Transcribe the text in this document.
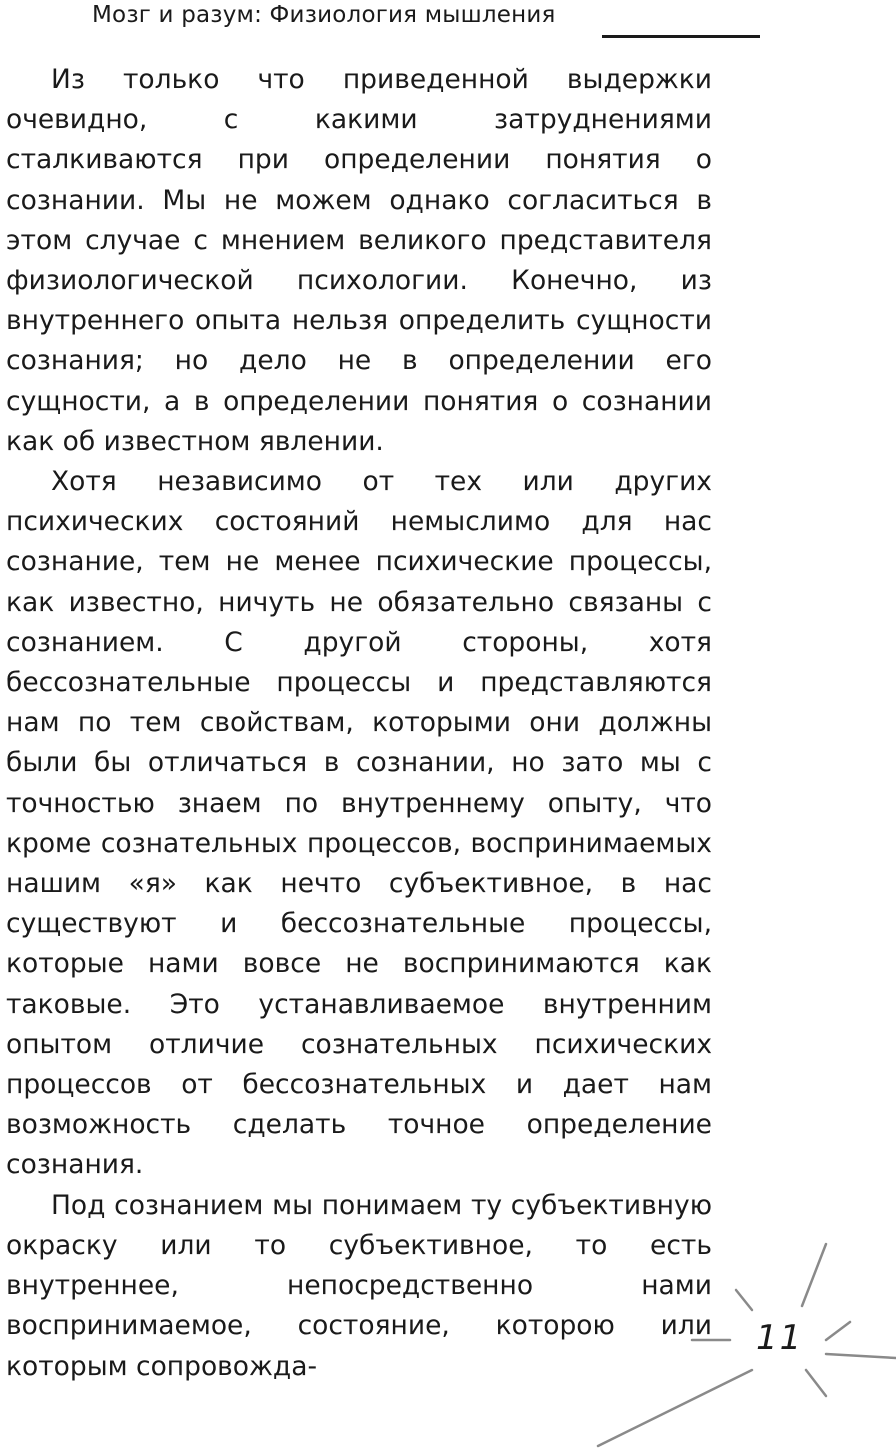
Мозг и разум: Физиология мышления

Из только что приведенной выдержки очевидно, с какими затруднениями сталкиваются при определении понятия о сознании. Мы не можем однако согласиться в этом случае с мнением великого представителя физиологической психологии. Конечно, из внутреннего опыта нельзя определить сущности сознания; но дело не в определении его сущности, а в определении понятия о сознании как об известном явлении.

Хотя независимо от тех или других психических состояний немыслимо для нас сознание, тем не менее психические процессы, как известно, ничуть не обязательно связаны с сознанием. С другой стороны, хотя бессознательные процессы и представляются нам по тем свойствам, которыми они должны были бы отличаться в сознании, но зато мы с точностью знаем по внутреннему опыту, что кроме сознательных процессов, воспринимаемых нашим «я» как нечто субъективное, в нас существуют и бессознательные процессы, которые нами вовсе не воспринимаются как таковые. Это устанавливаемое внутренним опытом отличие сознательных психических процессов от бессознательных и дает нам возможность сделать точное определение сознания.

Под сознанием мы понимаем ту субъективную окраску или то субъективное, то есть внутреннее, непосредственно нами воспринимаемое, состояние, которою или которым сопровожда-

11
